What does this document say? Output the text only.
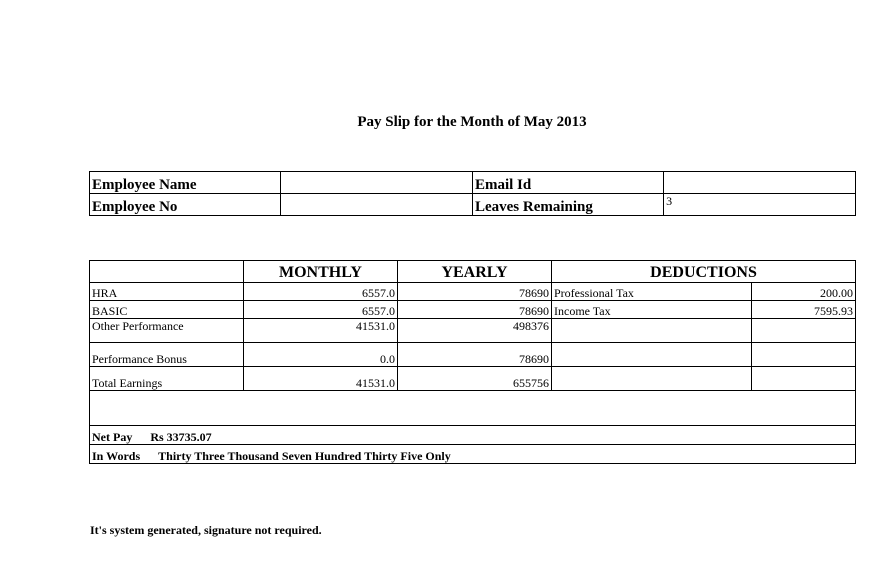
Pay Slip for the Month of May 2013
Employee Name		Email Id	
Employee No		Leaves Remaining	3
	MONTHLY	YEARLY	DEDUCTIONS	
HRA	6557.0	78690	Professional Tax	200.00
BASIC	6557.0	78690	Income Tax	7595.93
Other Performance	41531.0	498376		
Performance Bonus	0.0	78690		
Total Earnings	41531.0	655756		

Net Pay Rs 33735.07				
In Words Thirty Three Thousand Seven Hundred Thirty Five Only				
It's system generated, signature not required.
